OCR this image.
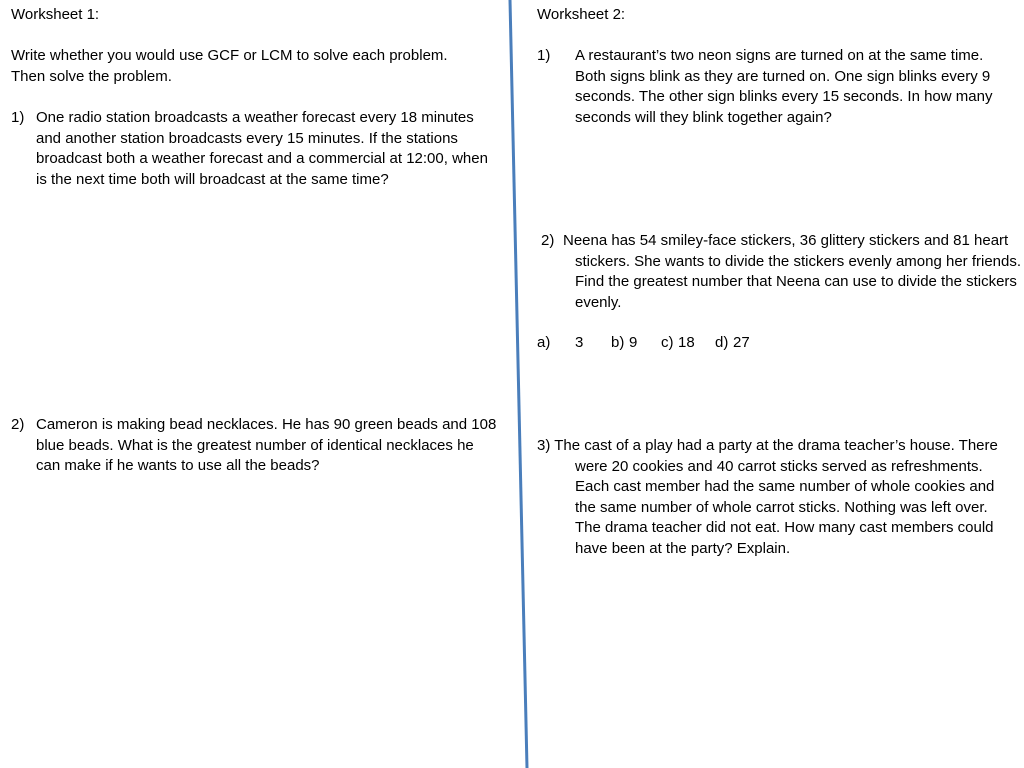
Worksheet 1:
Write whether you would use GCF or LCM to solve each problem. Then solve the problem.
1) One radio station broadcasts a weather forecast every 18 minutes and another station broadcasts every 15 minutes. If the stations broadcast both a weather forecast and a commercial at 12:00, when is the next time both will broadcast at the same time?
2) Cameron is making bead necklaces. He has 90 green beads and 108 blue beads. What is the greatest number of identical necklaces he can make if he wants to use all the beads?
Worksheet 2:
1) A restaurant’s two neon signs are turned on at the same time. Both signs blink as they are turned on. One sign blinks every 9 seconds. The other sign blinks every 15 seconds. In how many seconds will they blink together again?
2) Neena has 54 smiley-face stickers, 36 glittery stickers and 81 heart stickers. She wants to divide the stickers evenly among her friends. Find the greatest number that Neena can use to divide the stickers evenly.
a) 3 b) 9 c) 18 d) 27
3) The cast of a play had a party at the drama teacher’s house. There were 20 cookies and 40 carrot sticks served as refreshments. Each cast member had the same number of whole cookies and the same number of whole carrot sticks. Nothing was left over. The drama teacher did not eat. How many cast members could have been at the party? Explain.
